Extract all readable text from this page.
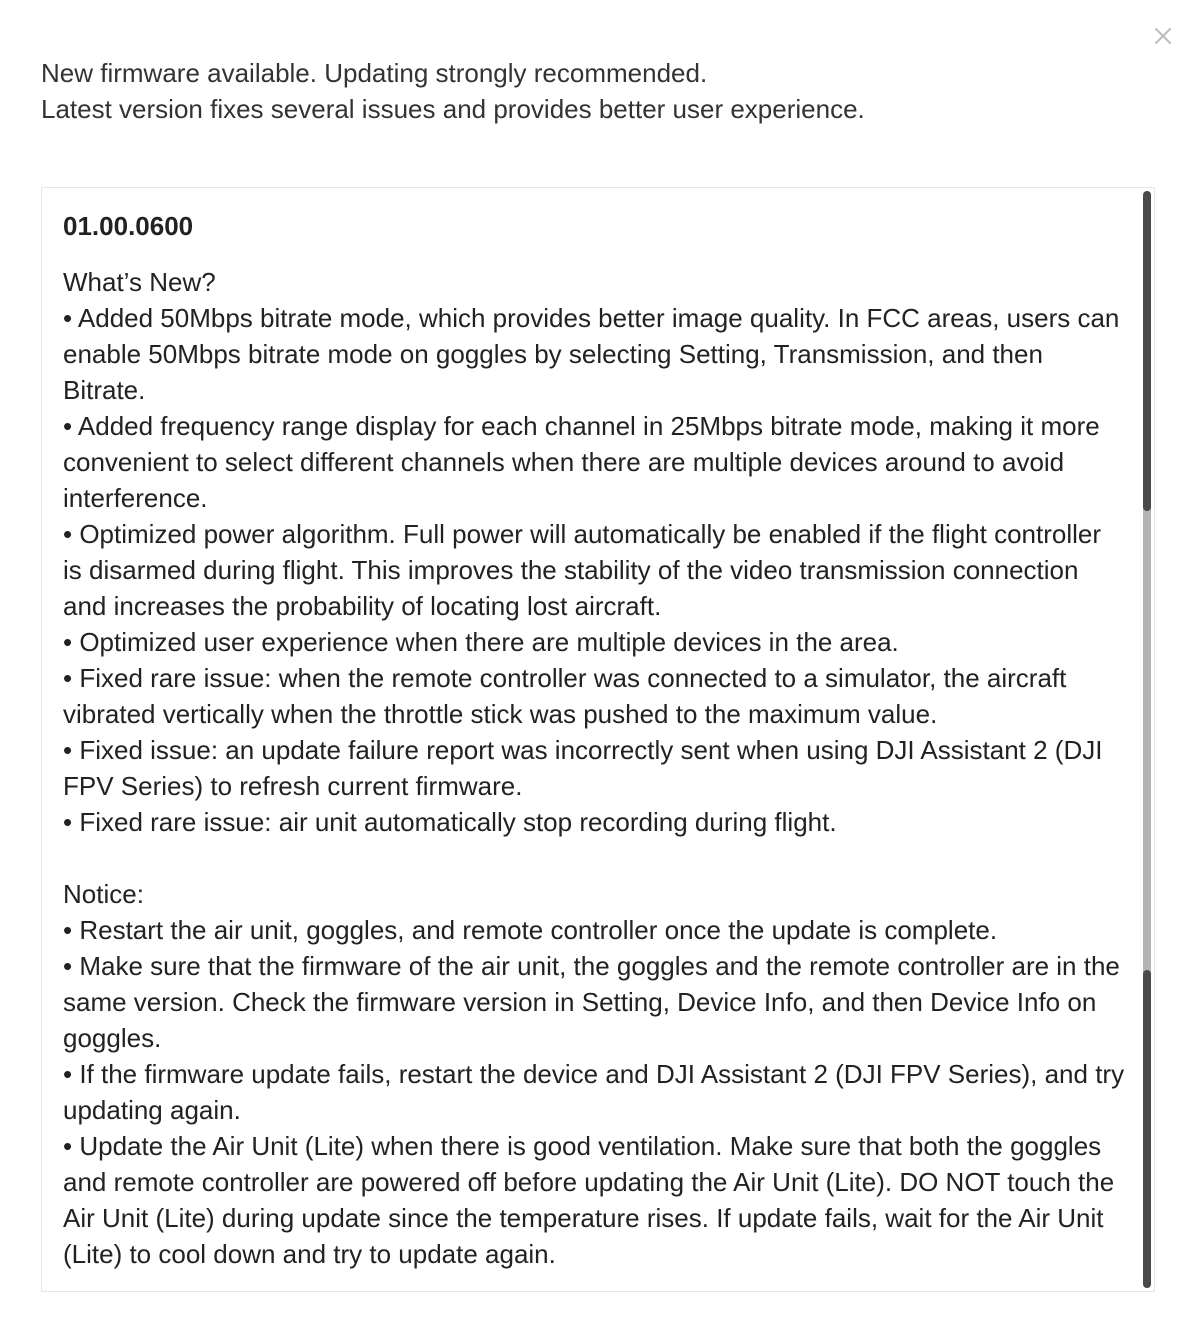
New firmware available. Updating strongly recommended.
Latest version fixes several issues and provides better user experience.
01.00.0600
What’s New?
• Added 50Mbps bitrate mode, which provides better image quality. In FCC areas, users can
enable 50Mbps bitrate mode on goggles by selecting Setting, Transmission, and then
Bitrate.
• Added frequency range display for each channel in 25Mbps bitrate mode, making it more
convenient to select different channels when there are multiple devices around to avoid
interference.
• Optimized power algorithm. Full power will automatically be enabled if the flight controller
is disarmed during flight. This improves the stability of the video transmission connection
and increases the probability of locating lost aircraft.
• Optimized user experience when there are multiple devices in the area.
• Fixed rare issue: when the remote controller was connected to a simulator, the aircraft
vibrated vertically when the throttle stick was pushed to the maximum value.
• Fixed issue: an update failure report was incorrectly sent when using DJI Assistant 2 (DJI
FPV Series) to refresh current firmware.
• Fixed rare issue: air unit automatically stop recording during flight.
Notice:
• Restart the air unit, goggles, and remote controller once the update is complete.
• Make sure that the firmware of the air unit, the goggles and the remote controller are in the
same version. Check the firmware version in Setting, Device Info, and then Device Info on
goggles.
• If the firmware update fails, restart the device and DJI Assistant 2 (DJI FPV Series), and try
updating again.
• Update the Air Unit (Lite) when there is good ventilation. Make sure that both the goggles
and remote controller are powered off before updating the Air Unit (Lite). DO NOT touch the
Air Unit (Lite) during update since the temperature rises. If update fails, wait for the Air Unit
(Lite) to cool down and try to update again.
